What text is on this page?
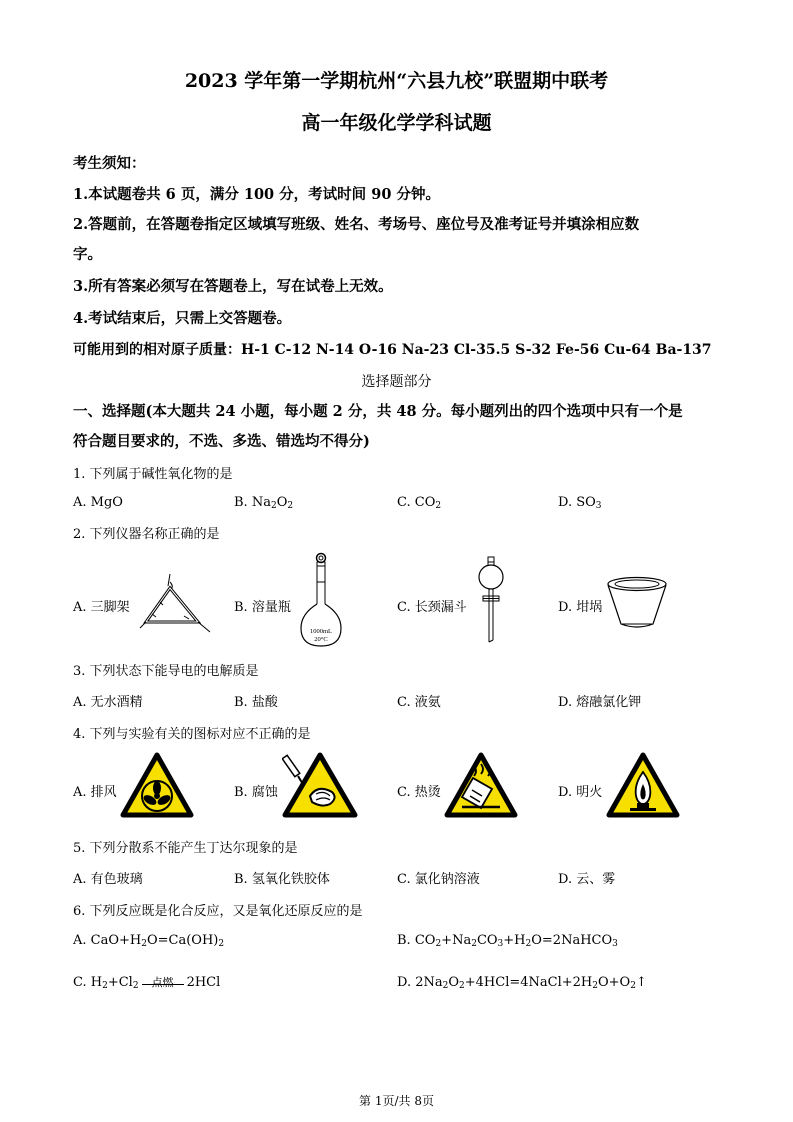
2023 学年第一学期杭州“六县九校”联盟期中联考
高一年级化学学科试题
考生须知：
1.本试题卷共 6 页，满分 100 分，考试时间 90 分钟。
2.答题前，在答题卷指定区域填写班级、姓名、考场号、座位号及准考证号并填涂相应数
字。
3.所有答案必须写在答题卷上，写在试卷上无效。
4.考试结束后，只需上交答题卷。
可能用到的相对原子质量：H-1 C-12 N-14 O-16 Na-23 Cl-35.5 S-32 Fe-56 Cu-64 Ba-137
选择题部分
一、选择题(本大题共 24 小题，每小题 2 分，共 48 分。每小题列出的四个选项中只有一个是
符合题目要求的，不选、多选、错选均不得分)
1. 下列属于碱性氧化物的是
A. MgO	B. $Na_2O_2$	C. $CO_2$	D. $SO_3$
2. 下列仪器名称正确的是
A. 三脚架	B. 溶量瓶	C. 长颈漏斗	D. 坩埚
1000mL
20°C
3. 下列状态下能导电的电解质是
A. 无水酒精	B. 盐酸	C. 液氨	D. 熔融氯化钾
4. 下列与实验有关的图标对应不正确的是
A. 排风	B. 腐蚀	C. 热烫	D. 明火
5. 下列分散系不能产生丁达尔现象的是
A. 有色玻璃	B. 氢氧化铁胶体	C. 氯化钠溶液	D. 云、雾
6. 下列反应既是化合反应，又是氧化还原反应的是
A. $CaO+H_2O=Ca(OH)_2$	B. $CO_2+Na_2CO_3+H_2O=2NaHCO_3$
C. $H_2+Cl_2$	点燃	2HCl	D. $2Na_2O_2+4HCl=4NaCl+2H_2O+O_2↑$
第 1页/共 8页
